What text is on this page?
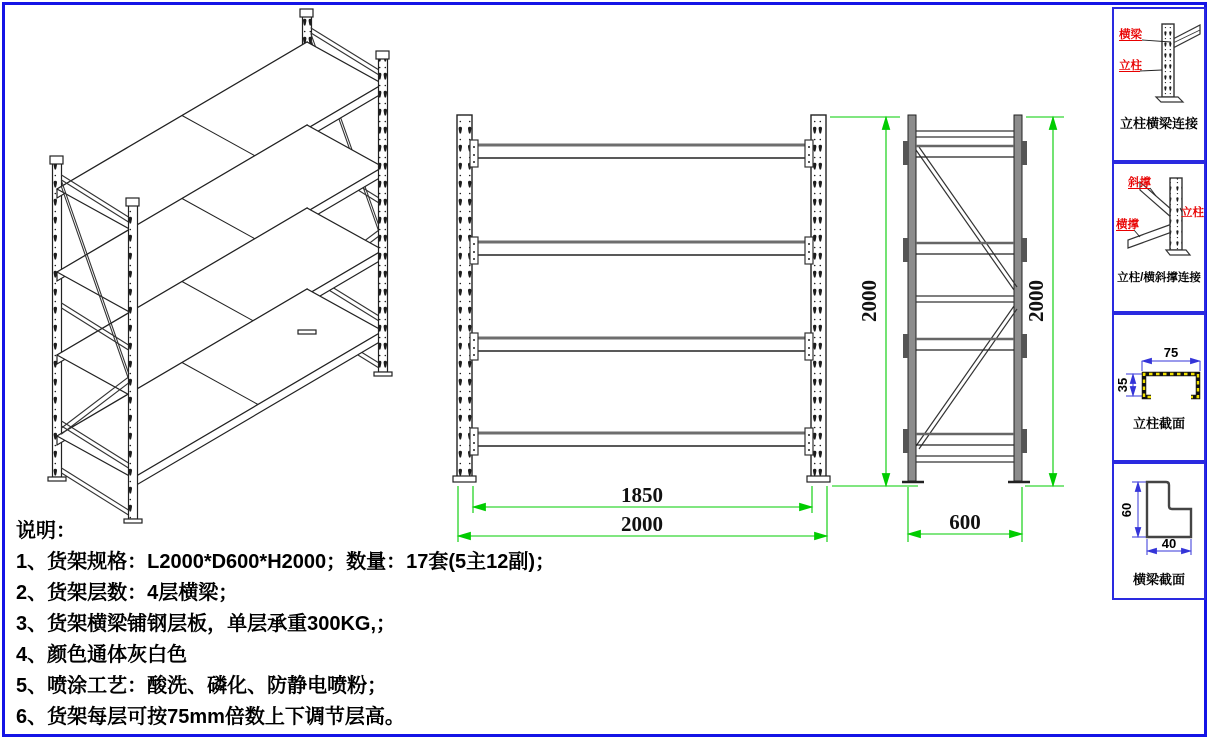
1850
2000
2000	2000
600
横梁
立柱
立柱横梁连接
斜撑
立柱
横撑
立柱/横斜撑连接
75
35
立柱截面
60
40
横梁截面
说明：
1、货架规格：L2000*D600*H2000；数量：17套(5主12副)；
2、货架层数：4层横梁；
3、货架横梁铺钢层板，单层承重300KG,；
4、颜色通体灰白色
5、喷涂工艺：酸洗、磷化、防静电喷粉；
6、货架每层可按75mm倍数上下调节层高。
